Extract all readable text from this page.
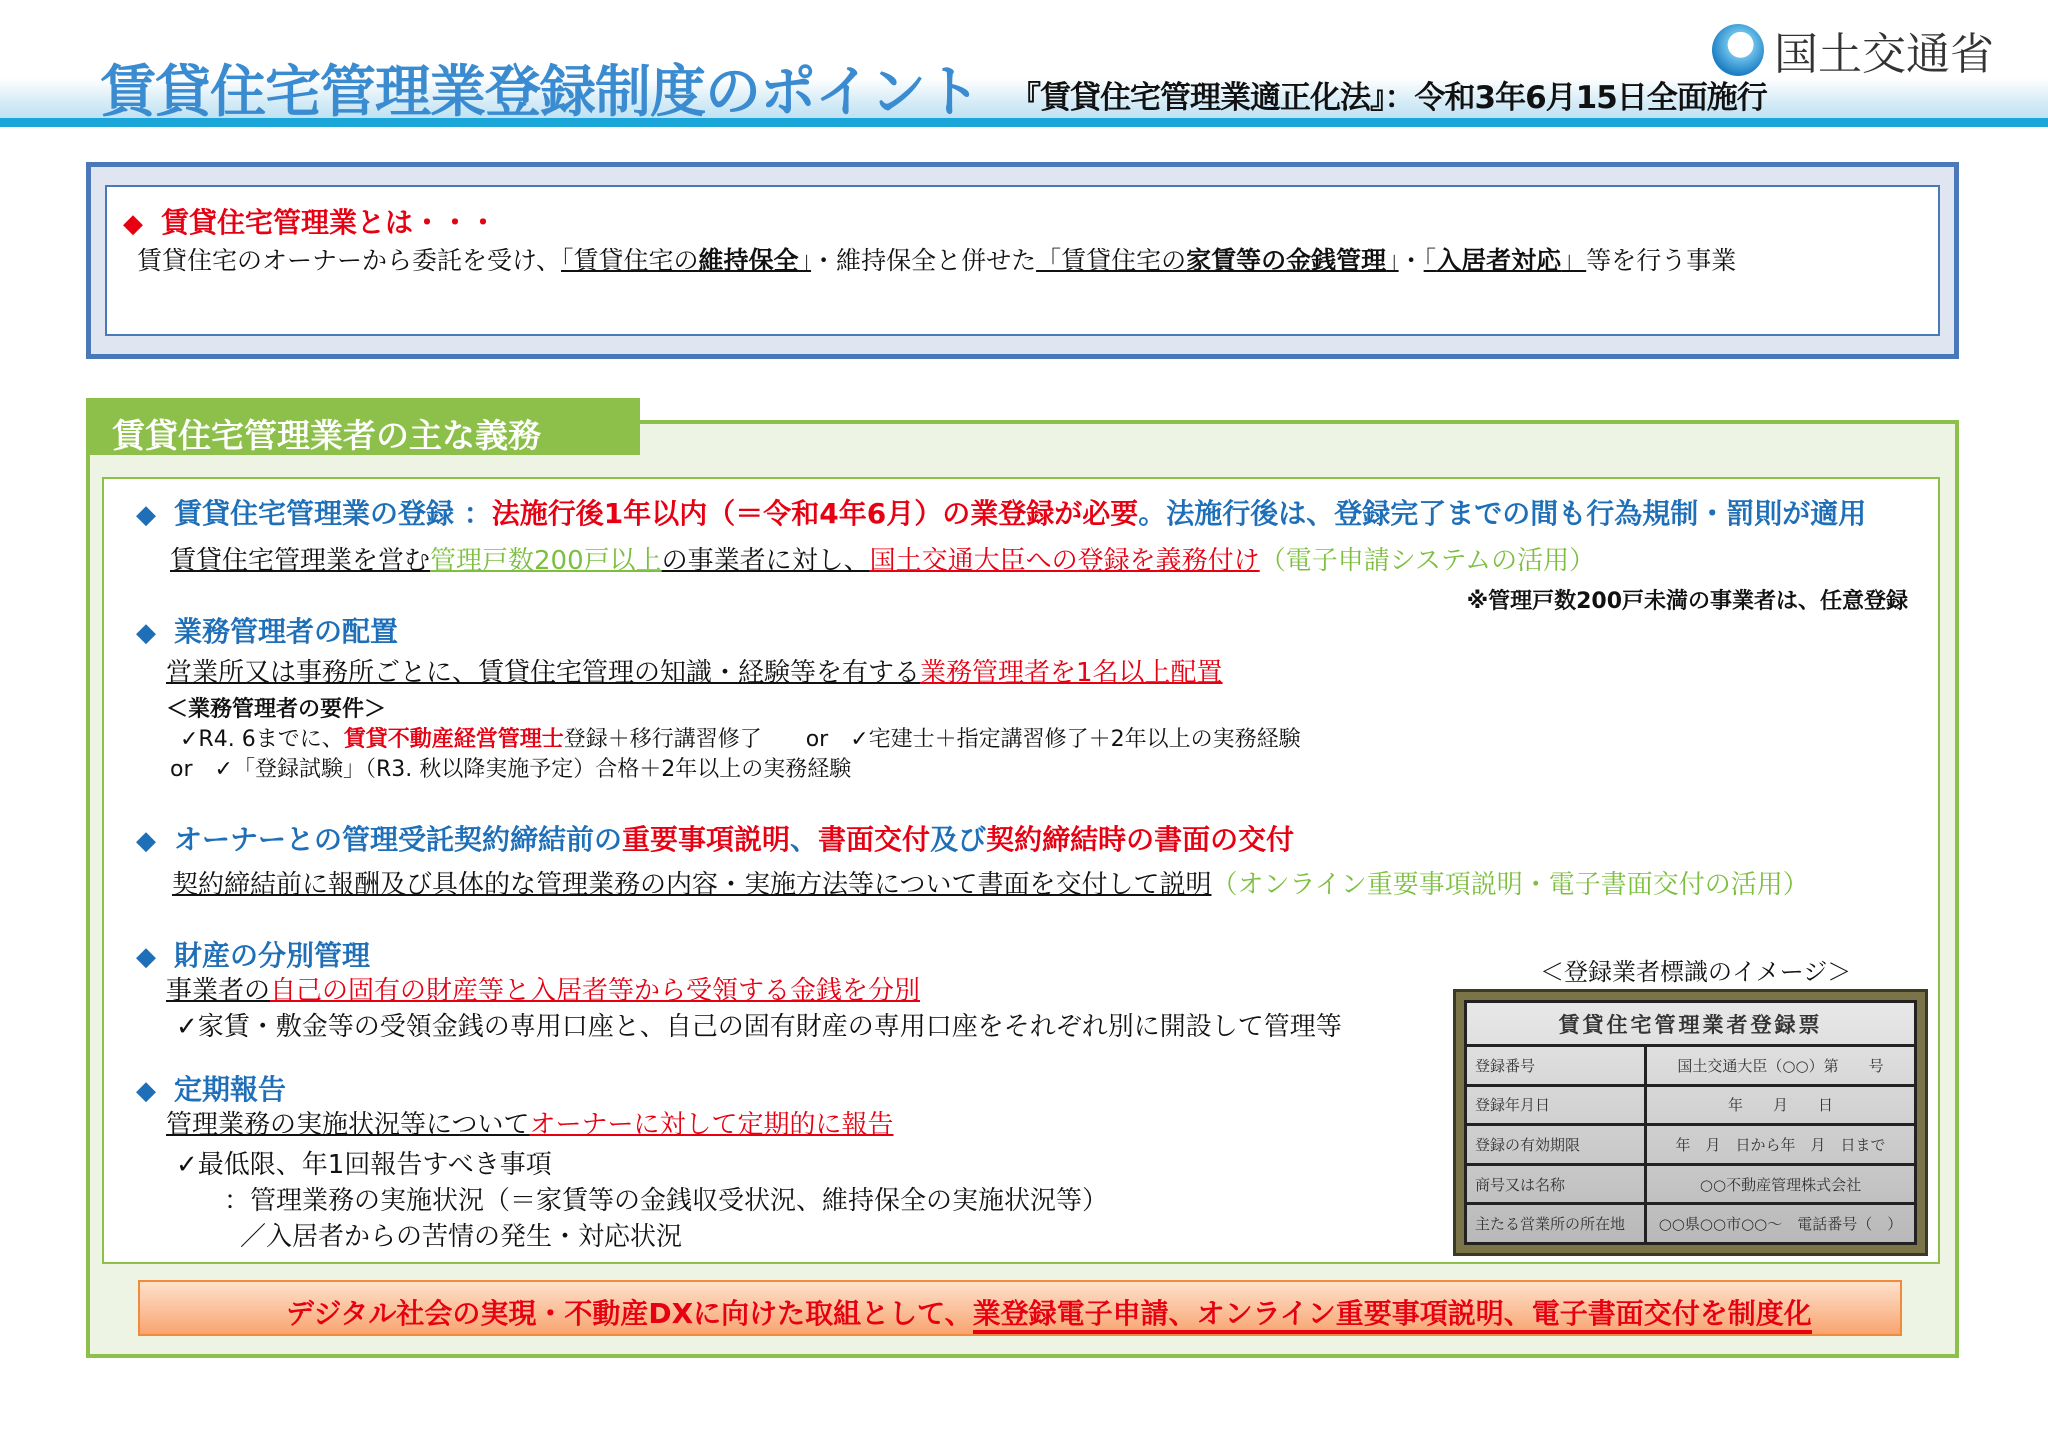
賃貸住宅管理業登録制度のポイント 『賃貸住宅管理業適正化法』：令和3年6月15日全面施行
国土交通省
◆ 賃貸住宅管理業とは・・・
賃貸住宅のオーナーから委託を受け、「賃貸住宅の維持保全」・維持保全と併せた「賃貸住宅の家賃等の金銭管理」・「入居者対応」等を行う事業
賃貸住宅管理業者の主な義務
◆ 賃貸住宅管理業の登録 ：法施行後1年以内（＝令和4年6月）の業登録が必要。法施行後は、登録完了までの間も行為規制・罰則が適用
賃貸住宅管理業を営む管理戸数200戸以上の事業者に対し、国土交通大臣への登録を義務付け（電子申請システムの活用）
※管理戸数200戸未満の事業者は、任意登録
◆ 業務管理者の配置
営業所又は事務所ごとに、賃貸住宅管理の知識・経験等を有する業務管理者を1名以上配置
＜業務管理者の要件＞
✓R4. 6までに、賃貸不動産経営管理士登録＋移行講習修了　　or　✓宅建士＋指定講習修了＋2年以上の実務経験
or　✓「登録試験」（R3. 秋以降実施予定）合格＋2年以上の実務経験
◆ オーナーとの管理受託契約締結前の重要事項説明、書面交付及び契約締結時の書面の交付
契約締結前に報酬及び具体的な管理業務の内容・実施方法等について書面を交付して説明（オンライン重要事項説明・電子書面交付の活用）
◆ 財産の分別管理
事業者の自己の固有の財産等と入居者等から受領する金銭を分別
✓家賃・敷金等の受領金銭の専用口座と、自己の固有財産の専用口座をそれぞれ別に開設して管理等
◆ 定期報告
管理業務の実施状況等についてオーナーに対して定期的に報告
✓最低限、年1回報告すべき事項
：管理業務の実施状況（＝家賃等の金銭収受状況、維持保全の実施状況等）
／入居者からの苦情の発生・対応状況
＜登録業者標識のイメージ＞
賃貸住宅管理業者登録票	
登録番号	国土交通大臣（○○）第　　号
登録年月日	年　　月　　日
登録の有効期限	年　月　日から年　月　日まで
商号又は名称	○○不動産管理株式会社
主たる営業所の所在地	○○県○○市○○～　電話番号（　）
デジタル社会の実現・不動産DXに向けた取組として、業登録電子申請、オンライン重要事項説明、電子書面交付を制度化
